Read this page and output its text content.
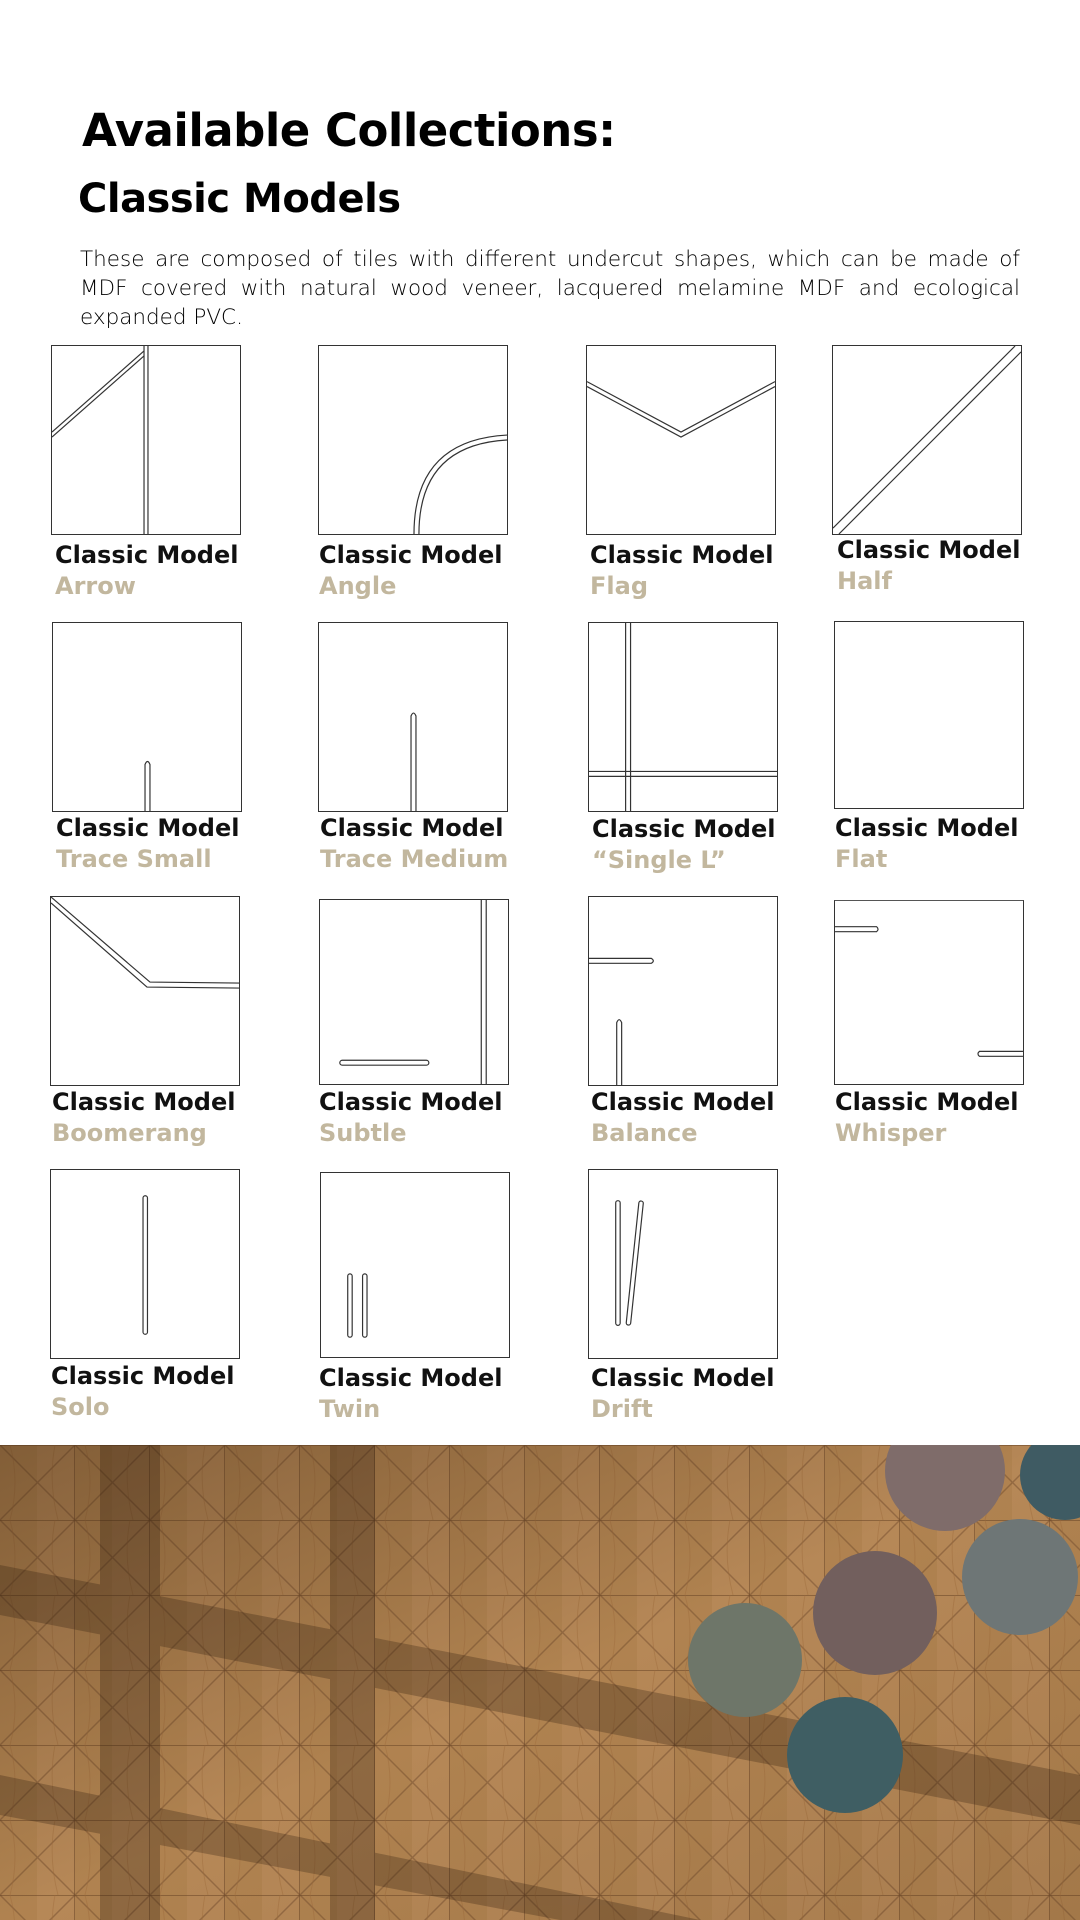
Available Collections:
Classic Models

These are composed of tiles with different undercut shapes, which can be made of MDF covered with natural wood veneer, lacquered melamine MDF and ecological expanded PVC.

Classic Model
Arrow
Classic Model
Angle
Classic Model
Flag
Classic Model
Half
Classic Model
Trace Small
Classic Model
Trace Medium
Classic Model
“Single L”
Classic Model
Flat
Classic Model
Boomerang
Classic Model
Subtle
Classic Model
Balance
Classic Model
Whisper
Classic Model
Solo
Classic Model
Twin
Classic Model
Drift
